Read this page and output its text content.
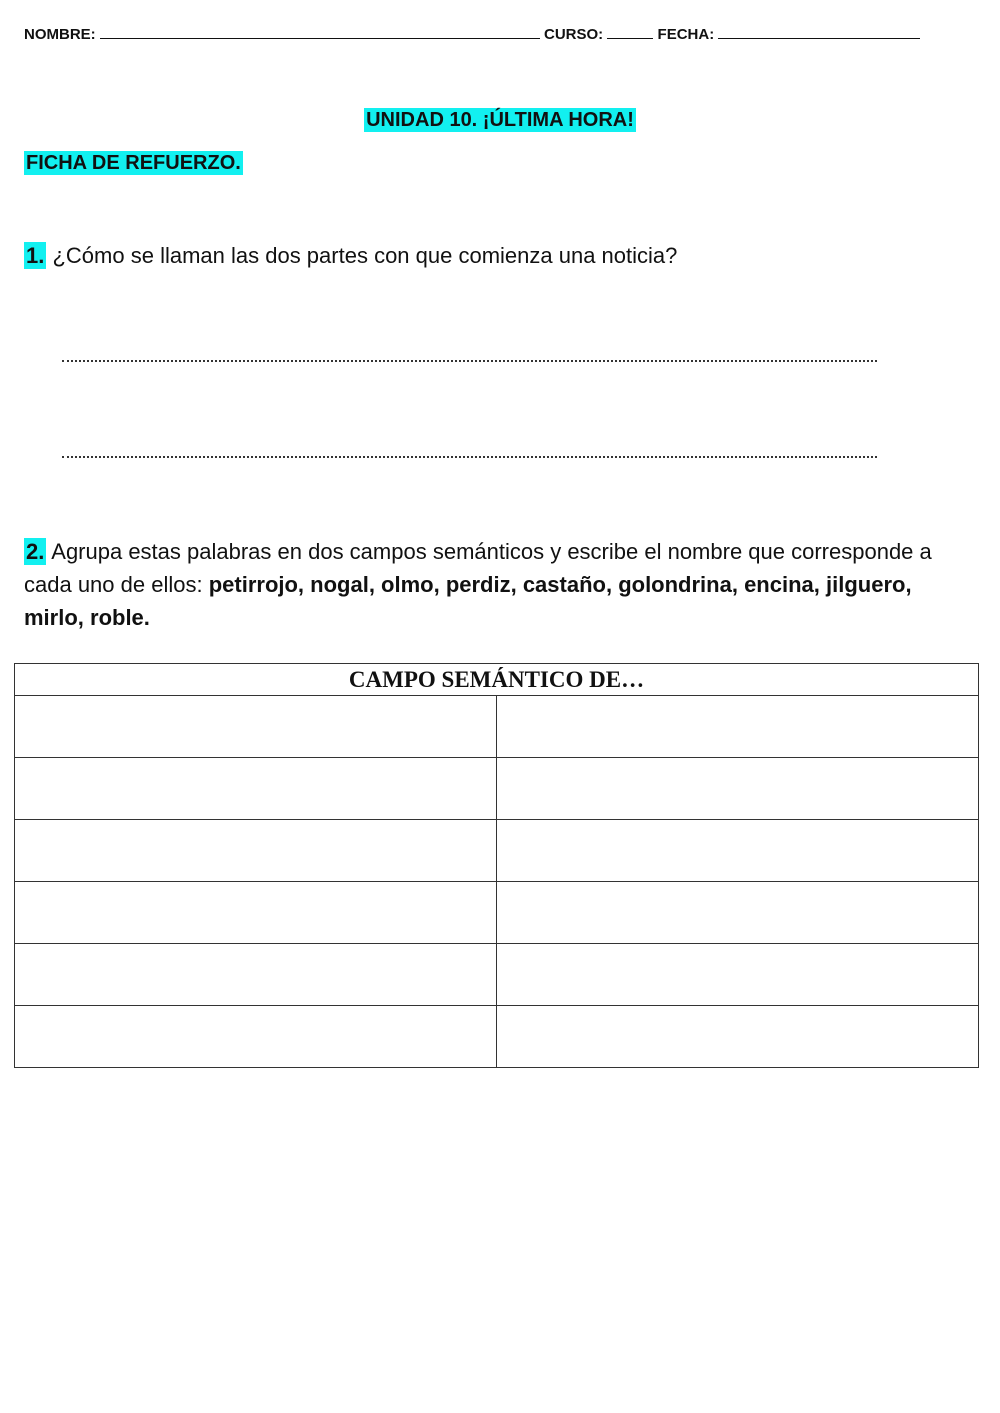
NOMBRE:	CURSO:	FECHA:
UNIDAD 10. ¡ÚLTIMA HORA!
FICHA DE REFUERZO.
1. ¿Cómo se llaman las dos partes con que comienza una noticia?
2. Agrupa estas palabras en dos campos semánticos y escribe el nombre que corresponde a cada uno de ellos: petirrojo, nogal, olmo, perdiz, castaño, golondrina, encina, jilguero, mirlo, roble.
CAMPO SEMÁNTICO DE…	
